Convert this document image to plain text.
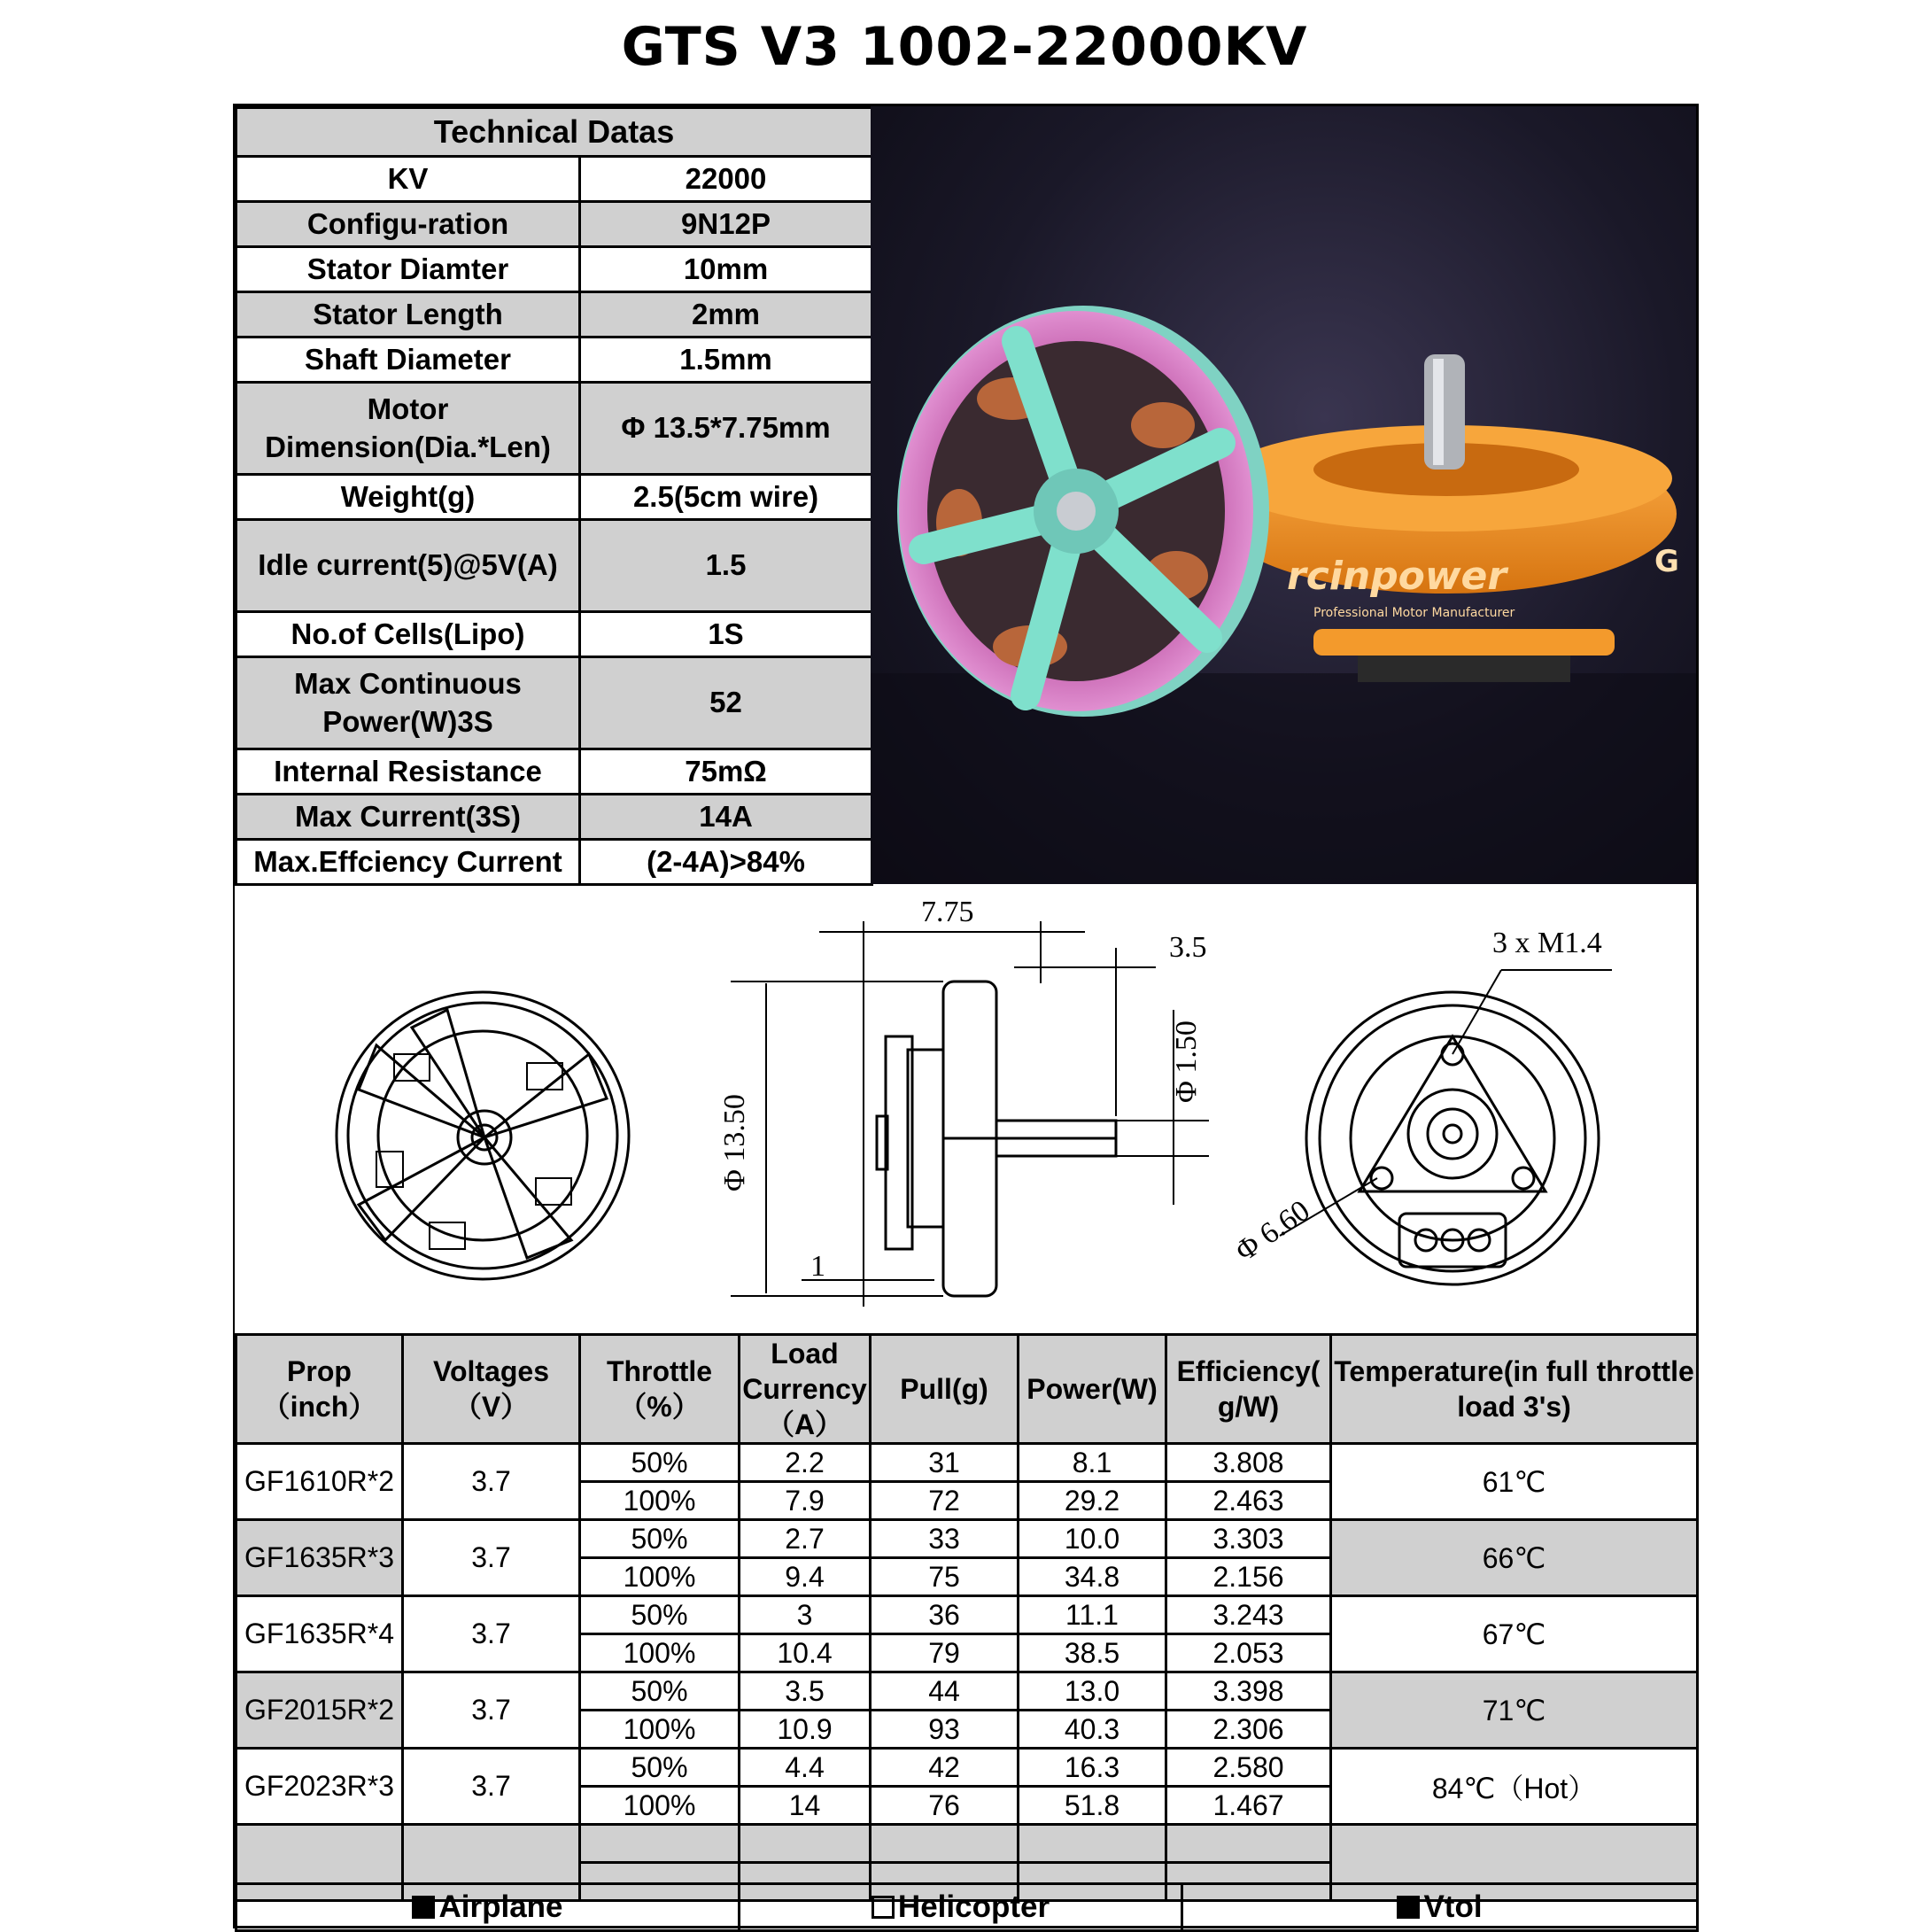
GTS V3 1002-22000KV
Technical Datas	
KV	22000
Configu-ration	9N12P
Stator Diamter	10mm
Stator Length	2mm
Shaft Diameter	1.5mm
Motor Dimension(Dia.*Len)	Φ 13.5*7.75mm
Weight(g)	2.5(5cm wire)
Idle current(5)@5V(A)	1.5
No.of Cells(Lipo)	1S
Max Continuous Power(W)3S	52
Internal Resistance	75mΩ
Max Current(3S)	14A
Max.Effciency Current	(2-4A)>84%
rcinpower
Professional Motor Manufacturer
G
7.75
3.5	3 x M1.4
1
Φ 13.50
Φ 1.50
Φ 6.60
Prop （inch）	Voltages （V）	Throttle （%）	Load Currency（A）	Pull(g)	Power(W)	Efficiency( g/W)	Temperature(in full throttle load 3's)
GF1610R*2	3.7	50%	2.2	31	8.1	3.808	61℃
		100%	7.9	72	29.2	2.463	
GF1635R*3	3.7	50%	2.7	33	10.0	3.303	66℃
		100%	9.4	75	34.8	2.156	
GF1635R*4	3.7	50%	3	36	11.1	3.243	67℃
		100%	10.4	79	38.5	2.053	
GF2015R*2	3.7	50%	3.5	44	13.0	3.398	71℃
		100%	10.9	93	40.3	2.306	
GF2023R*3	3.7	50%	4.4	42	16.3	2.580	84℃（Hot）
		100%	14	76	51.8	1.467	

Airplane	Helicopter	Vtol
